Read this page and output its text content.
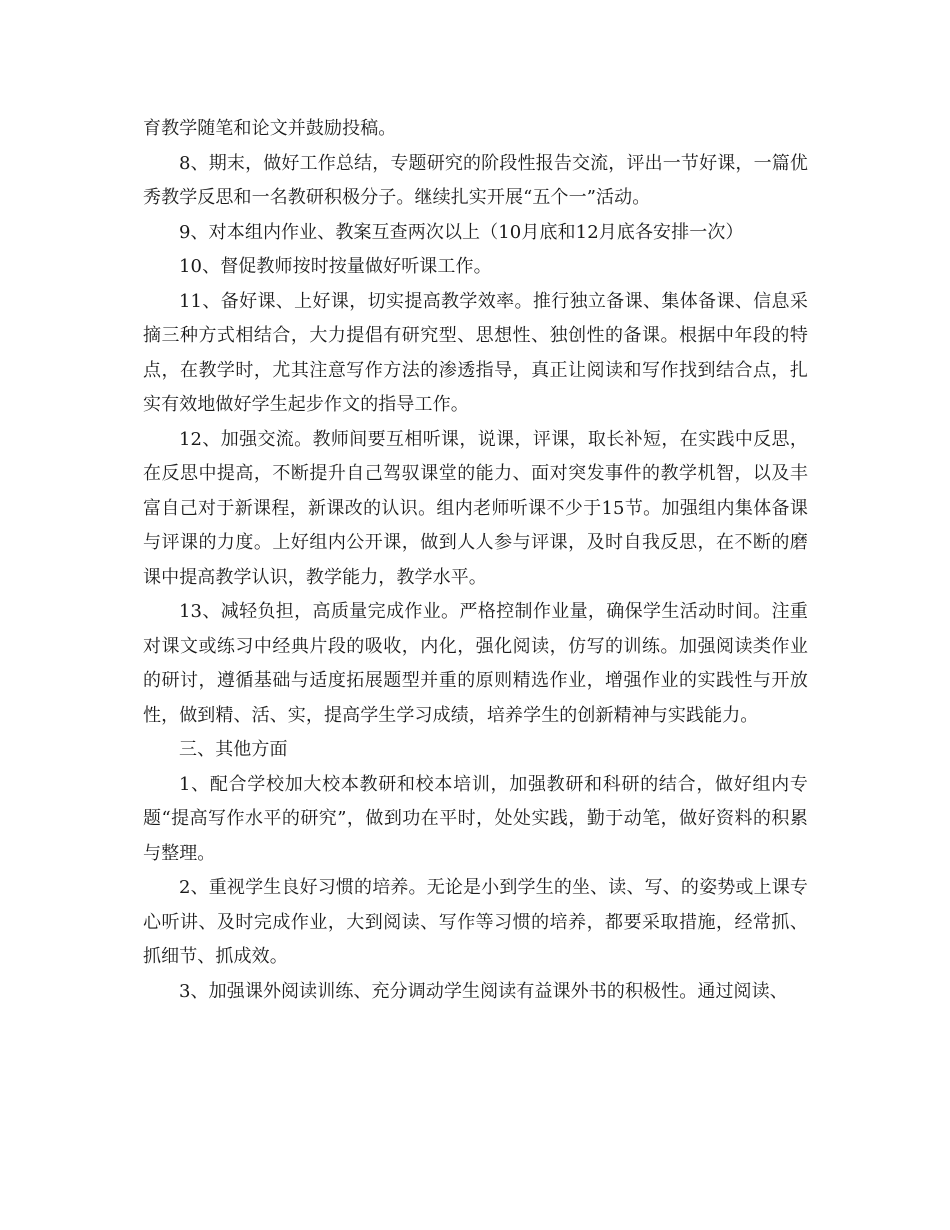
育教学随笔和论文并鼓励投稿。

8、期末，做好工作总结，专题研究的阶段性报告交流，评出一节好课，一篇优秀教学反思和一名教研积极分子。继续扎实开展“五个一”活动。

9、对本组内作业、教案互查两次以上（10月底和12月底各安排一次）

10、督促教师按时按量做好听课工作。

11、备好课、上好课，切实提高教学效率。推行独立备课、集体备课、信息采摘三种方式相结合，大力提倡有研究型、思想性、独创性的备课。根据中年段的特点，在教学时，尤其注意写作方法的渗透指导，真正让阅读和写作找到结合点，扎实有效地做好学生起步作文的指导工作。

12、加强交流。教师间要互相听课，说课，评课，取长补短，在实践中反思，在反思中提高，不断提升自己驾驭课堂的能力、面对突发事件的教学机智，以及丰富自己对于新课程，新课改的认识。组内老师听课不少于15节。加强组内集体备课与评课的力度。上好组内公开课，做到人人参与评课，及时自我反思，在不断的磨课中提高教学认识，教学能力，教学水平。

13、减轻负担，高质量完成作业。严格控制作业量，确保学生活动时间。注重对课文或练习中经典片段的吸收，内化，强化阅读，仿写的训练。加强阅读类作业的研讨，遵循基础与适度拓展题型并重的原则精选作业，增强作业的实践性与开放性，做到精、活、实，提高学生学习成绩，培养学生的创新精神与实践能力。

三、其他方面

1、配合学校加大校本教研和校本培训，加强教研和科研的结合，做好组内专题“提高写作水平的研究”，做到功在平时，处处实践，勤于动笔，做好资料的积累与整理。

2、重视学生良好习惯的培养。无论是小到学生的坐、读、写、的姿势或上课专心听讲、及时完成作业，大到阅读、写作等习惯的培养，都要采取措施，经常抓、抓细节、抓成效。

3、加强课外阅读训练、充分调动学生阅读有益课外书的积极性。通过阅读、
